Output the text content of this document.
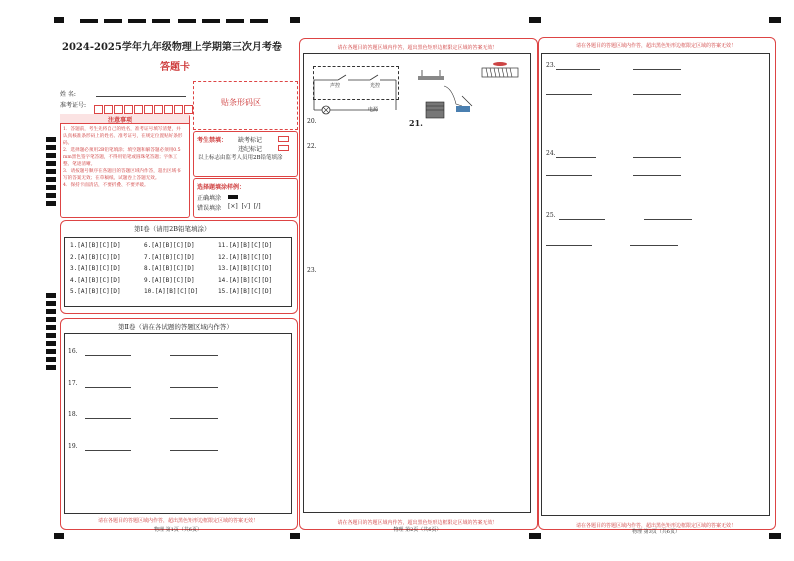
2024-2025学年九年级物理上学期第三次月考卷
答题卡
姓 名:
准考证号:	贴条形码区
注意事项
1．答题前，考生先将自己的姓名，准考证号填写清楚，并认真核准条形码上的姓名、准考证号，在规定位置贴好条形码。
2．选择题必须用2B铅笔填涂；填空题和解答题必须用0.5 mm黑色签字笔答题，不得用铅笔或圆珠笔答题；字体工整、笔迹清晰。
3．请按题号顺序在各题目的答题区域内作答，超出区域书写的答案无效；在草稿纸、试题卷上答题无效。
4．保持卡面清洁，不要折叠、不要弄破。
考生禁填： 缺考标记
违纪标记
以上标志由监考人员用2B铅笔填涂
选择题填涂样例：
正确填涂
错误填涂 [×]  [√]  [/]
第Ⅰ卷（请用2B铅笔填涂）
1.[A][B][C][D]
2.[A][B][C][D]
3.[A][B][C][D]
4.[A][B][C][D]
5.[A][B][C][D]
6.[A][B][C][D]
7.[A][B][C][D]
8.[A][B][C][D]
9.[A][B][C][D]
10.[A][B][C][D]
11.[A][B][C][D]
12.[A][B][C][D]
13.[A][B][C][D]
14.[A][B][C][D]
15.[A][B][C][D]
第Ⅱ卷（请在各试题的答题区域内作答）
16.
17.
18.
19.
请在各题目的答题区域内作答，超出黑色矩形边框限定区域的答案无效！
物理 第1页（共6页）
请在各题目的答题区域内作答，超出黑色矩形边框限定区域的答案无效！
声控	光控
电源
20.	21.
22.
23.
请在各题目的答题区域内作答，超出黑色矩形边框限定区域的答案无效！
物理 第2页（共6页）
请在各题目的答题区域内作答，超出黑色矩形边框限定区域的答案无效！
23.
24.
25.
请在各题目的答题区域内作答，超出黑色矩形边框限定区域的答案无效！
物理 第3页（共6页）
